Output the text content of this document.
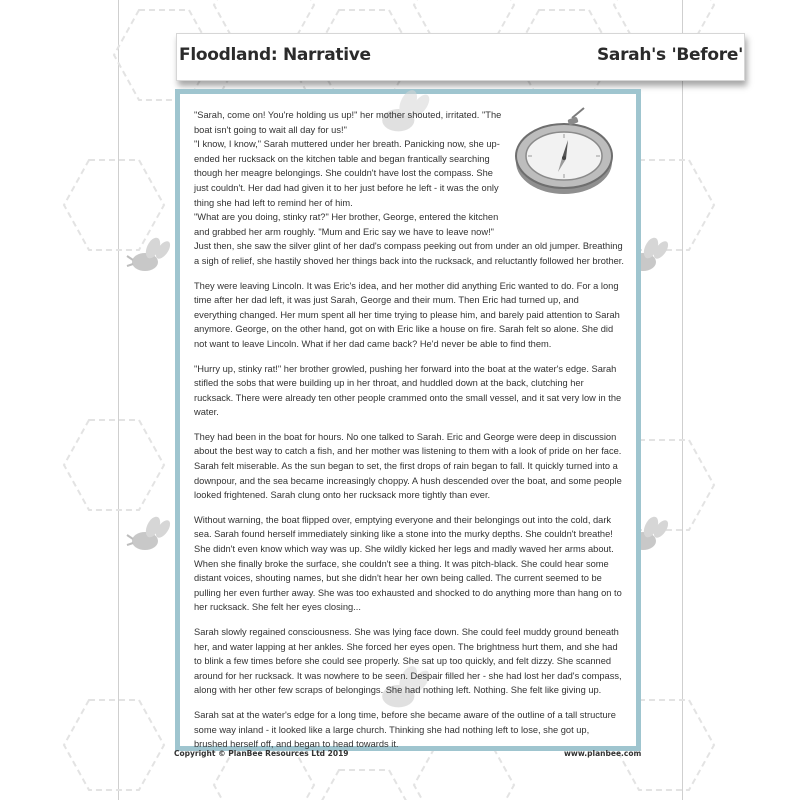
Floodland: Narrative	Sarah's 'Before'
"Sarah, come on! You're holding us up!" her mother shouted, irritated. "The boat isn't going to wait all day for us!"
"I know, I know," Sarah muttered under her breath. Panicking now, she up-ended her rucksack on the kitchen table and began frantically searching though her meagre belongings. She couldn't have lost the compass. She just couldn't. Her dad had given it to her just before he left - it was the only thing she had left to remind her of him.
"What are you doing, stinky rat?" Her brother, George, entered the kitchen and grabbed her arm roughly. "Mum and Eric say we have to leave now!"

Just then, she saw the silver glint of her dad's compass peeking out from under an old jumper. Breathing a sigh of relief, she hastily shoved her things back into the rucksack, and reluctantly followed her brother.

They were leaving Lincoln. It was Eric's idea, and her mother did anything Eric wanted to do. For a long time after her dad left, it was just Sarah, George and their mum. Then Eric had turned up, and everything changed. Her mum spent all her time trying to please him, and barely paid attention to Sarah anymore. George, on the other hand, got on with Eric like a house on fire. Sarah felt so alone. She did not want to leave Lincoln. What if her dad came back? He'd never be able to find them.

"Hurry up, stinky rat!" her brother growled, pushing her forward into the boat at the water's edge. Sarah stifled the sobs that were building up in her throat, and huddled down at the back, clutching her rucksack. There were already ten other people crammed onto the small vessel, and it sat very low in the water.

They had been in the boat for hours. No one talked to Sarah. Eric and George were deep in discussion about the best way to catch a fish, and her mother was listening to them with a look of pride on her face. Sarah felt miserable. As the sun began to set, the first drops of rain began to fall. It quickly turned into a downpour, and the sea became increasingly choppy. A hush descended over the boat, and some people looked frightened. Sarah clung onto her rucksack more tightly than ever.

Without warning, the boat flipped over, emptying everyone and their belongings out into the cold, dark sea. Sarah found herself immediately sinking like a stone into the murky depths. She couldn't breathe! She didn't even know which way was up. She wildly kicked her legs and madly waved her arms about. When she finally broke the surface, she couldn't see a thing. It was pitch-black. She could hear some distant voices, shouting names, but she didn't hear her own being called. The current seemed to be pulling her even further away. She was too exhausted and shocked to do anything more than hang on to her rucksack. She felt her eyes closing...

Sarah slowly regained consciousness. She was lying face down. She could feel muddy ground beneath her, and water lapping at her ankles. She forced her eyes open. The brightness hurt them, and she had to blink a few times before she could see properly. She sat up too quickly, and felt dizzy. She scanned around for her rucksack. It was nowhere to be seen. Despair filled her - she had lost her dad's compass, along with her other few scraps of belongings. She had nothing left. Nothing. She felt like giving up.

Sarah sat at the water's edge for a long time, before she became aware of the outline of a tall structure some way inland - it looked like a large church. Thinking she had nothing left to lose, she got up, brushed herself off, and began to head towards it.

Copyright © PlanBee Resources Ltd 2019	www.planbee.com
